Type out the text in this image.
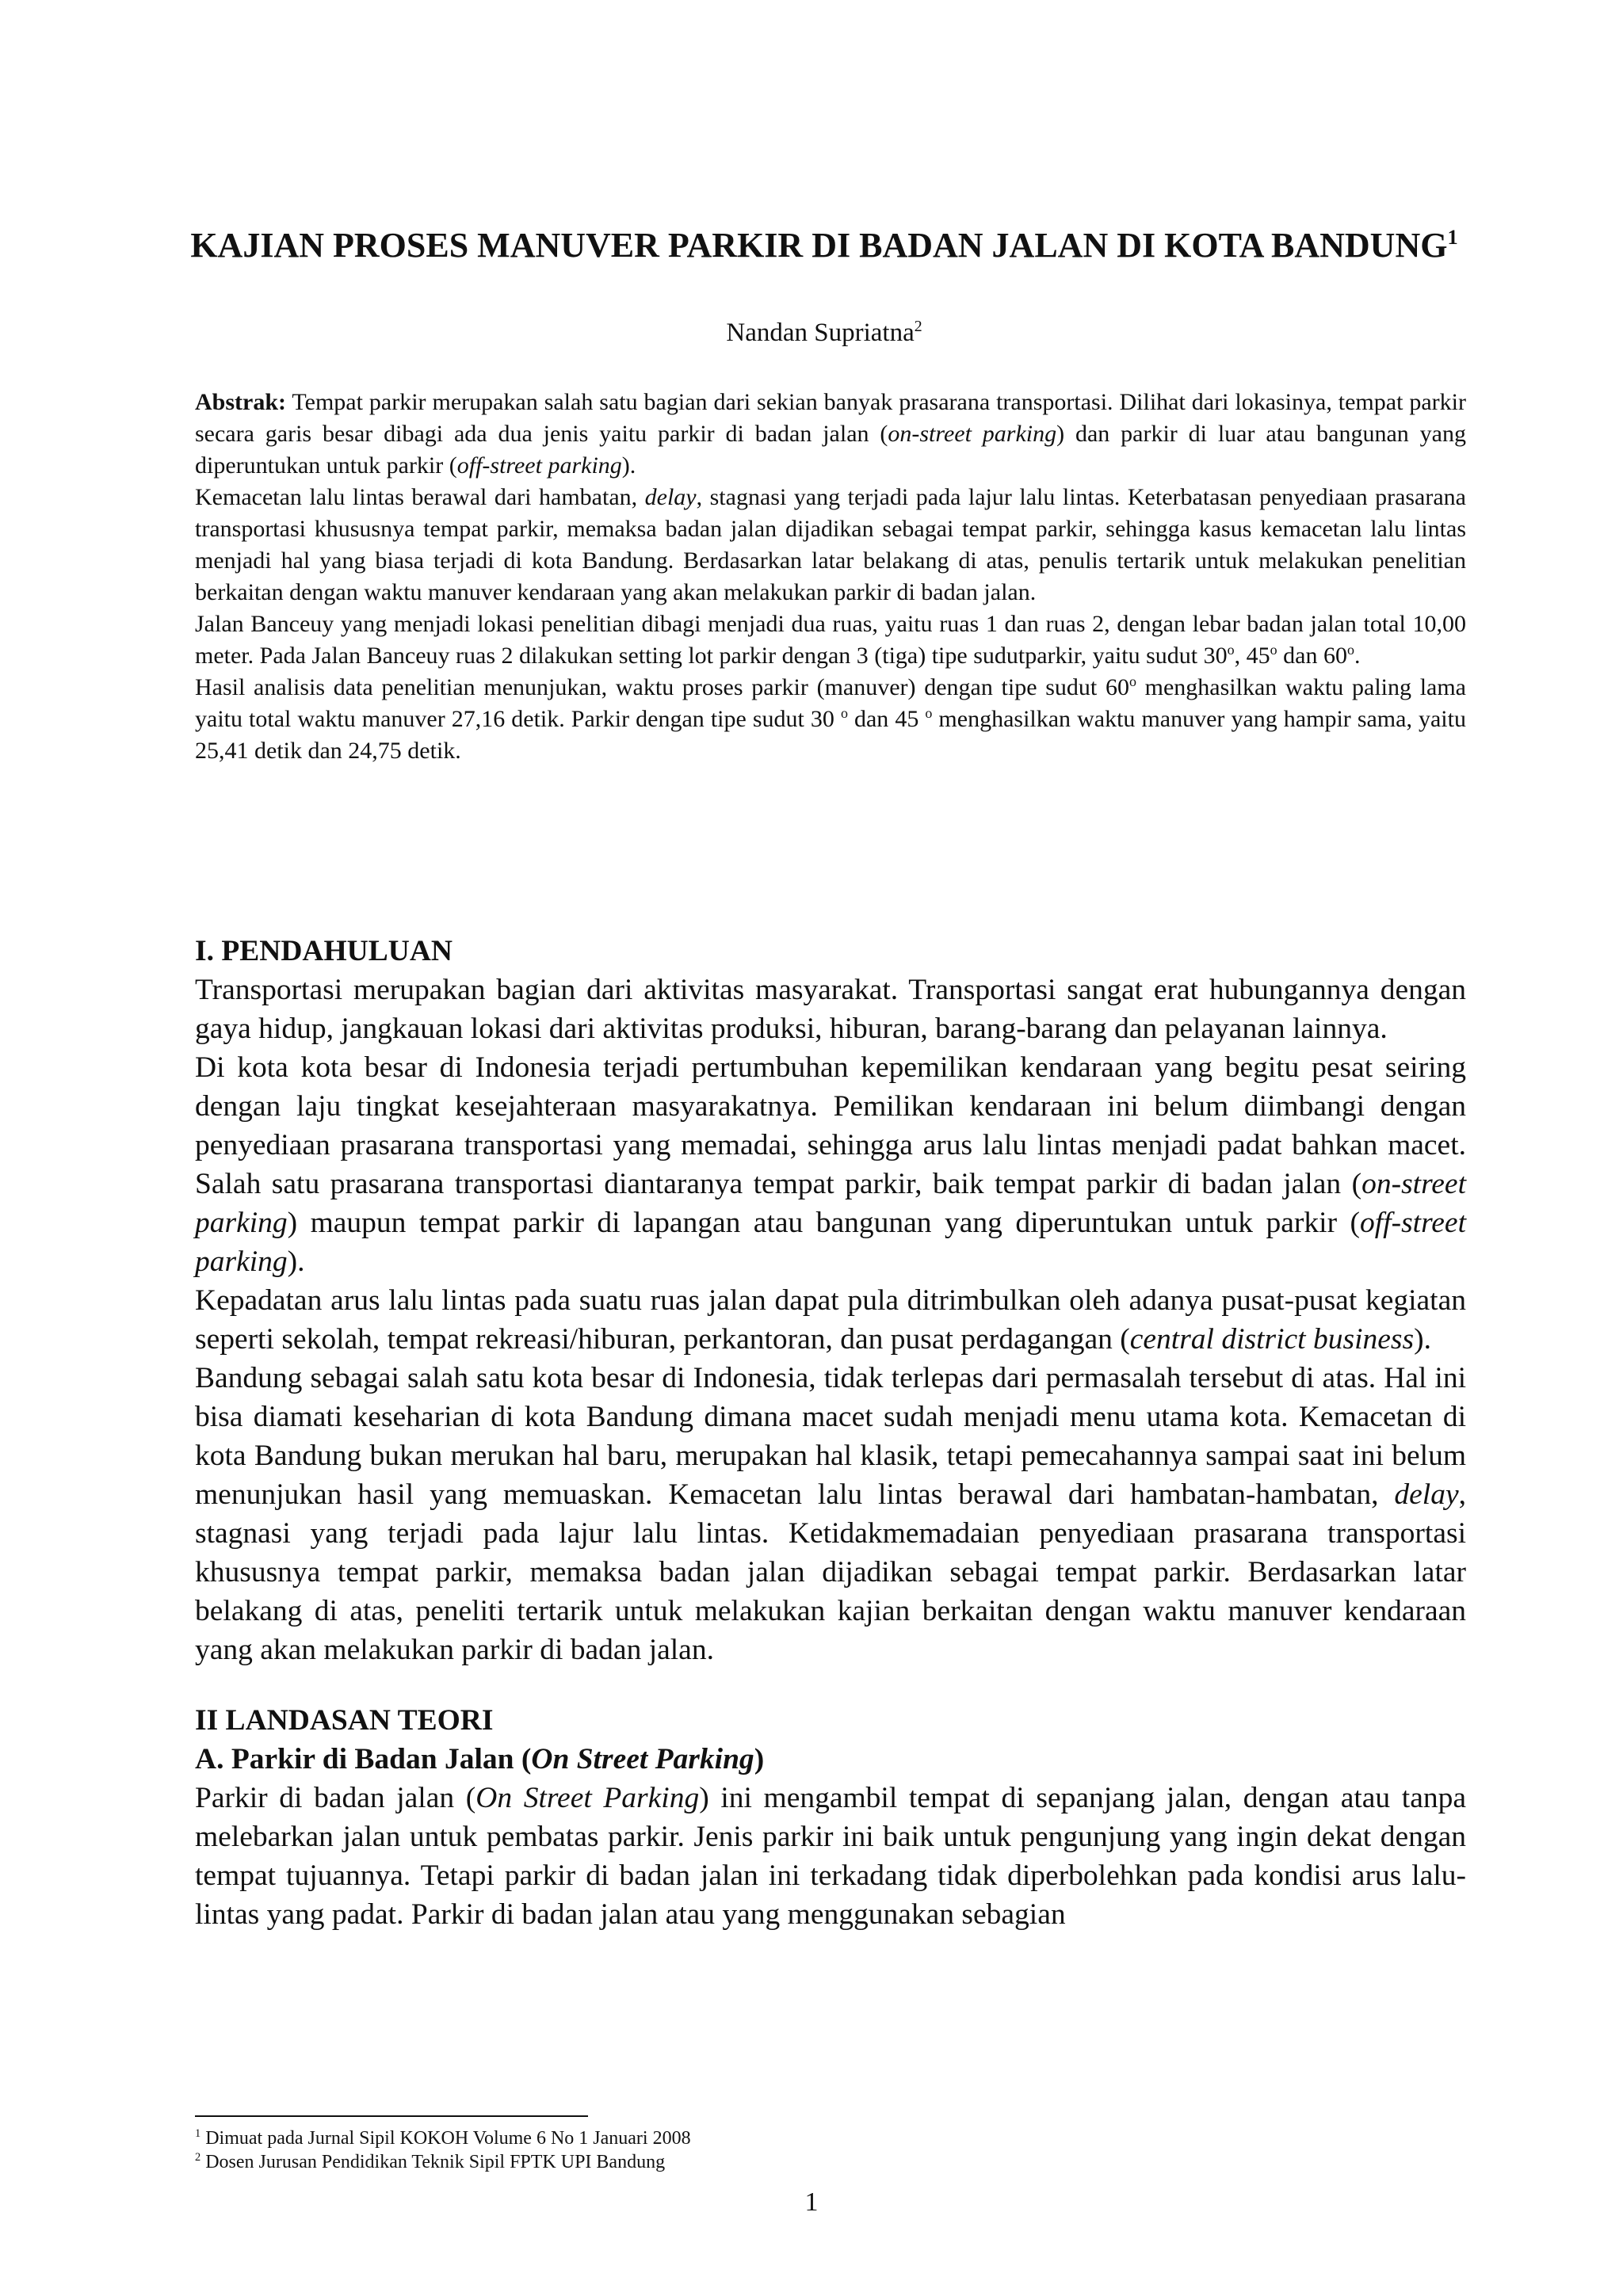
KAJIAN PROSES MANUVER PARKIR DI BADAN JALAN DI KOTA BANDUNG$^1$
Nandan Supriatna$^2$

Abstrak: Tempat parkir merupakan salah satu bagian dari sekian banyak prasarana transportasi. Dilihat dari lokasinya, tempat parkir secara garis besar dibagi ada dua jenis yaitu parkir di badan jalan (on-street parking) dan parkir di luar atau bangunan yang diperuntukan untuk parkir (off-street parking).

Kemacetan lalu lintas berawal dari hambatan, delay, stagnasi yang terjadi pada lajur lalu lintas. Keterbatasan penyediaan prasarana transportasi khususnya tempat parkir, memaksa badan jalan dijadikan sebagai tempat parkir, sehingga kasus kemacetan lalu lintas menjadi hal yang biasa terjadi di kota Bandung. Berdasarkan latar belakang di atas, penulis tertarik untuk melakukan penelitian berkaitan dengan waktu manuver kendaraan yang akan melakukan parkir di badan jalan.

Jalan Banceuy yang menjadi lokasi penelitian dibagi menjadi dua ruas, yaitu ruas 1 dan ruas 2, dengan lebar badan jalan total 10,00 meter. Pada Jalan Banceuy ruas 2 dilakukan setting lot parkir dengan 3 (tiga) tipe sudutparkir, yaitu sudut 30$^o$, 45$^o$ dan 60$^o$.

Hasil analisis data penelitian menunjukan, waktu proses parkir (manuver) dengan tipe sudut 60$^o$ menghasilkan waktu paling lama yaitu total waktu manuver 27,16 detik. Parkir dengan tipe sudut 30 $^o$ dan 45 $^o$ menghasilkan waktu manuver yang hampir sama, yaitu 25,41 detik dan 24,75 detik.

I. PENDAHULUAN

Transportasi merupakan bagian dari aktivitas masyarakat. Transportasi sangat erat hubungannya dengan gaya hidup, jangkauan lokasi dari aktivitas produksi, hiburan, barang-barang dan pelayanan lainnya.

Di kota kota besar di Indonesia terjadi pertumbuhan kepemilikan kendaraan yang begitu pesat seiring dengan laju tingkat kesejahteraan masyarakatnya. Pemilikan kendaraan ini belum diimbangi dengan penyediaan prasarana transportasi yang memadai, sehingga arus lalu lintas menjadi padat bahkan macet. Salah satu prasarana transportasi diantaranya tempat parkir, baik tempat parkir di badan jalan (on-street parking) maupun tempat parkir di lapangan atau bangunan yang diperuntukan untuk parkir (off-street parking).

Kepadatan arus lalu lintas pada suatu ruas jalan dapat pula ditrimbulkan oleh adanya pusat-pusat kegiatan seperti sekolah, tempat rekreasi/hiburan, perkantoran, dan pusat perdagangan (central district business).

Bandung sebagai salah satu kota besar di Indonesia, tidak terlepas dari permasalah tersebut di atas. Hal ini bisa diamati keseharian di kota Bandung dimana macet sudah menjadi menu utama kota. Kemacetan di kota Bandung bukan merukan hal baru, merupakan hal klasik, tetapi pemecahannya sampai saat ini belum menunjukan hasil yang memuaskan. Kemacetan lalu lintas berawal dari hambatan-hambatan, delay, stagnasi yang terjadi pada lajur lalu lintas. Ketidakmemadaian penyediaan prasarana transportasi khususnya tempat parkir, memaksa badan jalan dijadikan sebagai tempat parkir. Berdasarkan latar belakang di atas, peneliti tertarik untuk melakukan kajian berkaitan dengan waktu manuver kendaraan yang akan melakukan parkir di badan jalan.

II LANDASAN TEORI
A. Parkir di Badan Jalan (On Street Parking)

Parkir di badan jalan (On Street Parking) ini mengambil tempat di sepanjang jalan, dengan atau tanpa melebarkan jalan untuk pembatas parkir. Jenis parkir ini baik untuk pengunjung yang ingin dekat dengan tempat tujuannya. Tetapi parkir di badan jalan ini terkadang tidak diperbolehkan pada kondisi arus lalu-lintas yang padat. Parkir di badan jalan atau yang menggunakan sebagian

$^1$ Dimuat pada Jurnal Sipil KOKOH Volume 6 No 1 Januari 2008
$^2$ Dosen Jurusan Pendidikan Teknik Sipil FPTK UPI Bandung
1
